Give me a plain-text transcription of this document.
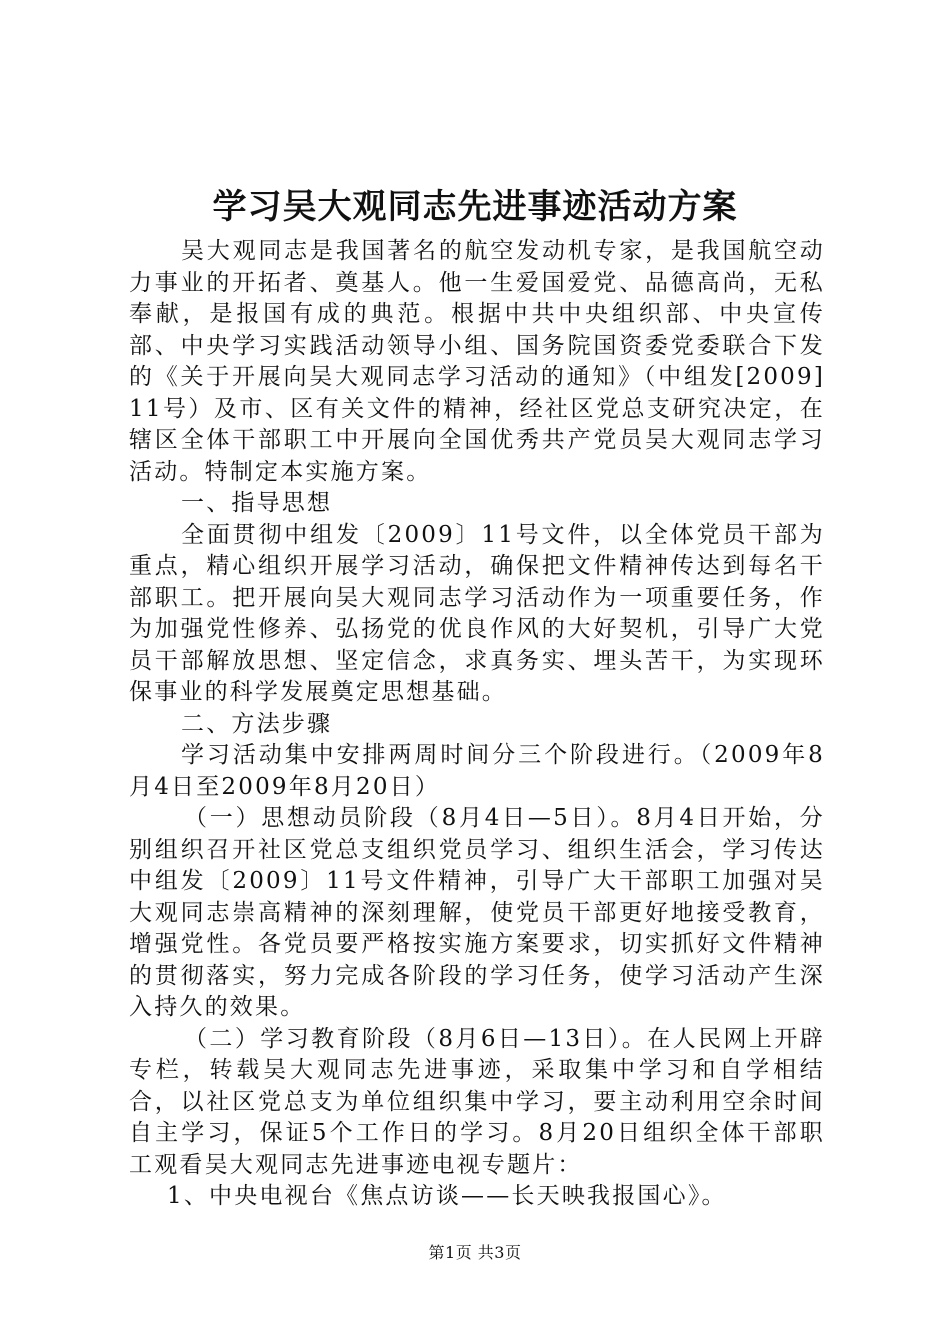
学习吴大观同志先进事迹活动方案

吴大观同志是我国著名的航空发动机专家，是我国航空动力事业的开拓者、奠基人。他一生爱国爱党、品德高尚，无私奉献，是报国有成的典范。根据中共中央组织部、中央宣传部、中央学习实践活动领导小组、国务院国资委党委联合下发的《关于开展向吴大观同志学习活动的通知》（中组发[2009]11号）及市、区有关文件的精神，经社区党总支研究决定，在辖区全体干部职工中开展向全国优秀共产党员吴大观同志学习活动。特制定本实施方案。

一、指导思想

全面贯彻中组发〔2009〕11号文件，以全体党员干部为重点，精心组织开展学习活动，确保把文件精神传达到每名干部职工。把开展向吴大观同志学习活动作为一项重要任务，作为加强党性修养、弘扬党的优良作风的大好契机，引导广大党员干部解放思想、坚定信念，求真务实、埋头苦干，为实现环保事业的科学发展奠定思想基础。

二、方法步骤

学习活动集中安排两周时间分三个阶段进行。（2009年8月4日至2009年8月20日）

（一）思想动员阶段（8月4日—5日）。8月4日开始，分别组织召开社区党总支组织党员学习、组织生活会，学习传达中组发〔2009〕11号文件精神，引导广大干部职工加强对吴大观同志崇高精神的深刻理解，使党员干部更好地接受教育，增强党性。各党员要严格按实施方案要求，切实抓好文件精神的贯彻落实，努力完成各阶段的学习任务，使学习活动产生深入持久的效果。

（二）学习教育阶段（8月6日—13日）。在人民网上开辟专栏，转载吴大观同志先进事迹，采取集中学习和自学相结合，以社区党总支为单位组织集中学习，要主动利用空余时间自主学习，保证5个工作日的学习。8月20日组织全体干部职工观看吴大观同志先进事迹电视专题片：

1、中央电视台《焦点访谈——长天映我报国心》。

第1页 共3页
